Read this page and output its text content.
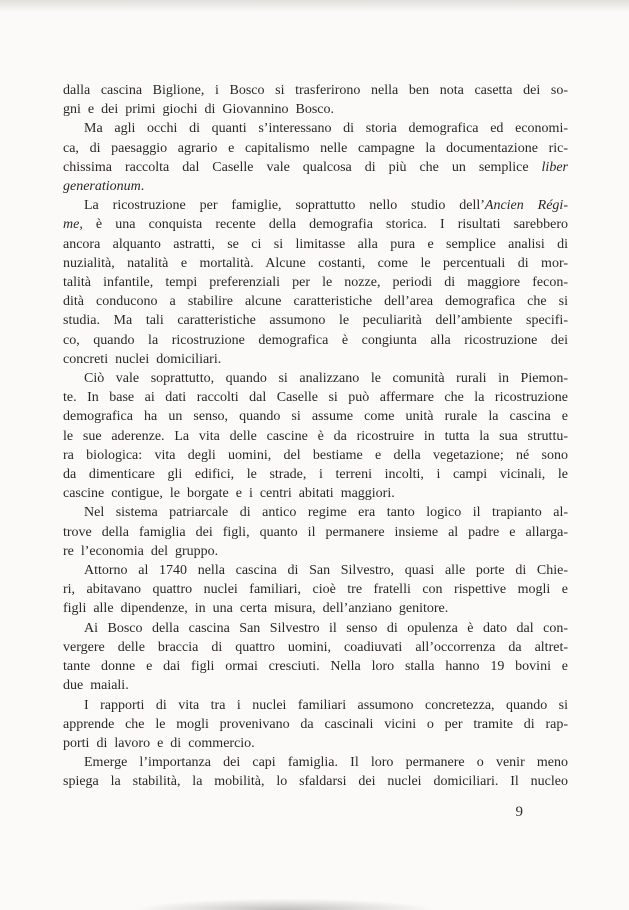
dalla cascina Biglione, i Bosco si trasferirono nella ben nota casetta dei so-
gni e dei primi giochi di Giovannino Bosco.
Ma agli occhi di quanti s’interessano di storia demografica ed economi-
ca, di paesaggio agrario e capitalismo nelle campagne la documentazione ric-
chissima raccolta dal Caselle vale qualcosa di più che un semplice liber
generationum.
La ricostruzione per famiglie, soprattutto nello studio dell’Ancien Régi-
me, è una conquista recente della demografia storica. I risultati sarebbero
ancora alquanto astratti, se ci si limitasse alla pura e semplice analisi di
nuzialità, natalità e mortalità. Alcune costanti, come le percentuali di mor-
talità infantile, tempi preferenziali per le nozze, periodi di maggiore fecon-
dità conducono a stabilire alcune caratteristiche dell’area demografica che si
studia. Ma tali caratteristiche assumono le peculiarità dell’ambiente specifi-
co, quando la ricostruzione demografica è congiunta alla ricostruzione dei
concreti nuclei domiciliari.
Ciò vale soprattutto, quando si analizzano le comunità rurali in Piemon-
te. In base ai dati raccolti dal Caselle si può affermare che la ricostruzione
demografica ha un senso, quando si assume come unità rurale la cascina e
le sue aderenze. La vita delle cascine è da ricostruire in tutta la sua struttu-
ra biologica: vita degli uomini, del bestiame e della vegetazione; né sono
da dimenticare gli edifici, le strade, i terreni incolti, i campi vicinali, le
cascine contigue, le borgate e i centri abitati maggiori.
Nel sistema patriarcale di antico regime era tanto logico il trapianto al-
trove della famiglia dei figli, quanto il permanere insieme al padre e allarga-
re l’economia del gruppo.
Attorno al 1740 nella cascina di San Silvestro, quasi alle porte di Chie-
ri, abitavano quattro nuclei familiari, cioè tre fratelli con rispettive mogli e
figli alle dipendenze, in una certa misura, dell’anziano genitore.
Ai Bosco della cascina San Silvestro il senso di opulenza è dato dal con-
vergere delle braccia di quattro uomini, coadiuvati all’occorrenza da altret-
tante donne e dai figli ormai cresciuti. Nella loro stalla hanno 19 bovini e
due maiali.
I rapporti di vita tra i nuclei familiari assumono concretezza, quando si
apprende che le mogli provenivano da cascinali vicini o per tramite di rap-
porti di lavoro e di commercio.
Emerge l’importanza dei capi famiglia. Il loro permanere o venir meno
spiega la stabilità, la mobilità, lo sfaldarsi dei nuclei domiciliari. Il nucleo
9
